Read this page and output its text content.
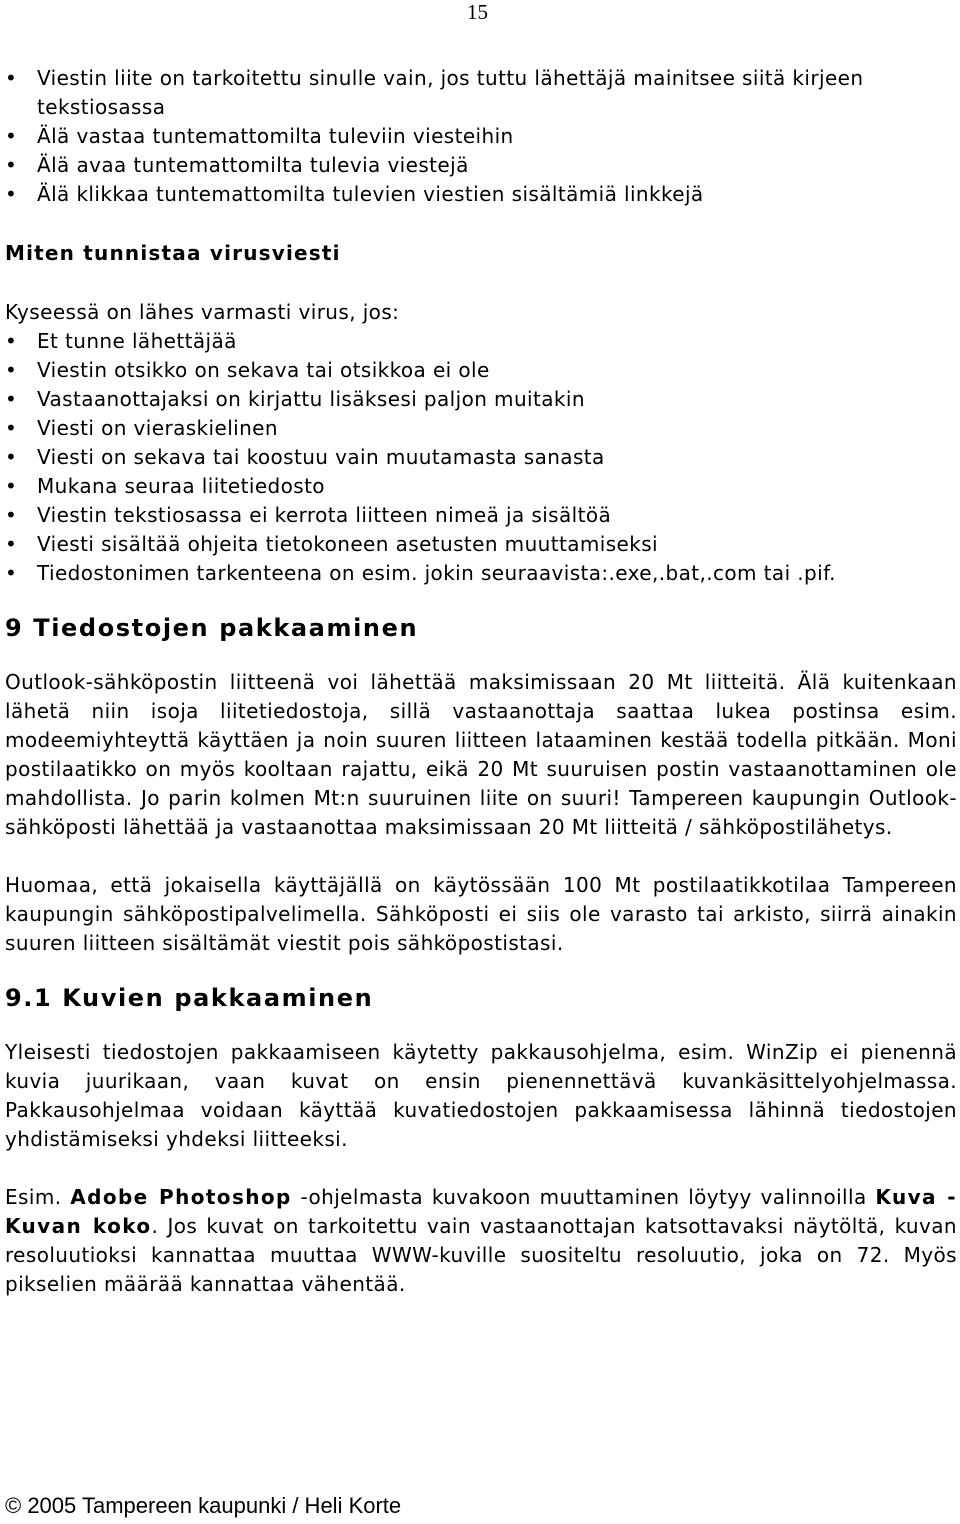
15
• Viestin liite on tarkoitettu sinulle vain, jos tuttu lähettäjä mainitsee siitä kirjeen tekstiosassa
• Älä vastaa tuntemattomilta tuleviin viesteihin
• Älä avaa tuntemattomilta tulevia viestejä
• Älä klikkaa tuntemattomilta tulevien viestien sisältämiä linkkejä
Miten tunnistaa virusviesti
Kyseessä on lähes varmasti virus, jos:
• Et tunne lähettäjää
• Viestin otsikko on sekava tai otsikkoa ei ole
• Vastaanottajaksi on kirjattu lisäksesi paljon muitakin
• Viesti on vieraskielinen
• Viesti on sekava tai koostuu vain muutamasta sanasta
• Mukana seuraa liitetiedosto
• Viestin tekstiosassa ei kerrota liitteen nimeä ja sisältöä
• Viesti sisältää ohjeita tietokoneen asetusten muuttamiseksi
• Tiedostonimen tarkenteena on esim. jokin seuraavista:.exe,.bat,.com tai .pif.
9 Tiedostojen pakkaaminen
Outlook-sähköpostin liitteenä voi lähettää maksimissaan 20 Mt liitteitä. Älä kuitenkaan lähetä niin isoja liitetiedostoja, sillä vastaanottaja saattaa lukea postinsa esim. modeemiyhteyttä käyttäen ja noin suuren liitteen lataaminen kestää todella pitkään. Moni postilaatikko on myös kooltaan rajattu, eikä 20 Mt suuruisen postin vastaanottaminen ole mahdollista. Jo parin kolmen Mt:n suuruinen liite on suuri! Tampereen kaupungin Outlook-sähköposti lähettää ja vastaanottaa maksimissaan 20 Mt liitteitä / sähköpostilähetys.
Huomaa, että jokaisella käyttäjällä on käytössään 100 Mt postilaatikkotilaa Tampereen kaupungin sähköpostipalvelimella. Sähköposti ei siis ole varasto tai arkisto, siirrä ainakin suuren liitteen sisältämät viestit pois sähköpostistasi.
9.1 Kuvien pakkaaminen
Yleisesti tiedostojen pakkaamiseen käytetty pakkausohjelma, esim. WinZip ei pienennä kuvia juurikaan, vaan kuvat on ensin pienennettävä kuvankäsittelyohjelmassa. Pakkausohjelmaa voidaan käyttää kuvatiedostojen pakkaamisessa lähinnä tiedostojen yhdistämiseksi yhdeksi liitteeksi.
Esim. Adobe Photoshop -ohjelmasta kuvakoon muuttaminen löytyy valinnoilla Kuva - Kuvan koko. Jos kuvat on tarkoitettu vain vastaanottajan katsottavaksi näytöltä, kuvan resoluutioksi kannattaa muuttaa WWW-kuville suositeltu resoluutio, joka on 72. Myös pikselien määrää kannattaa vähentää.
© 2005 Tampereen kaupunki / Heli Korte
